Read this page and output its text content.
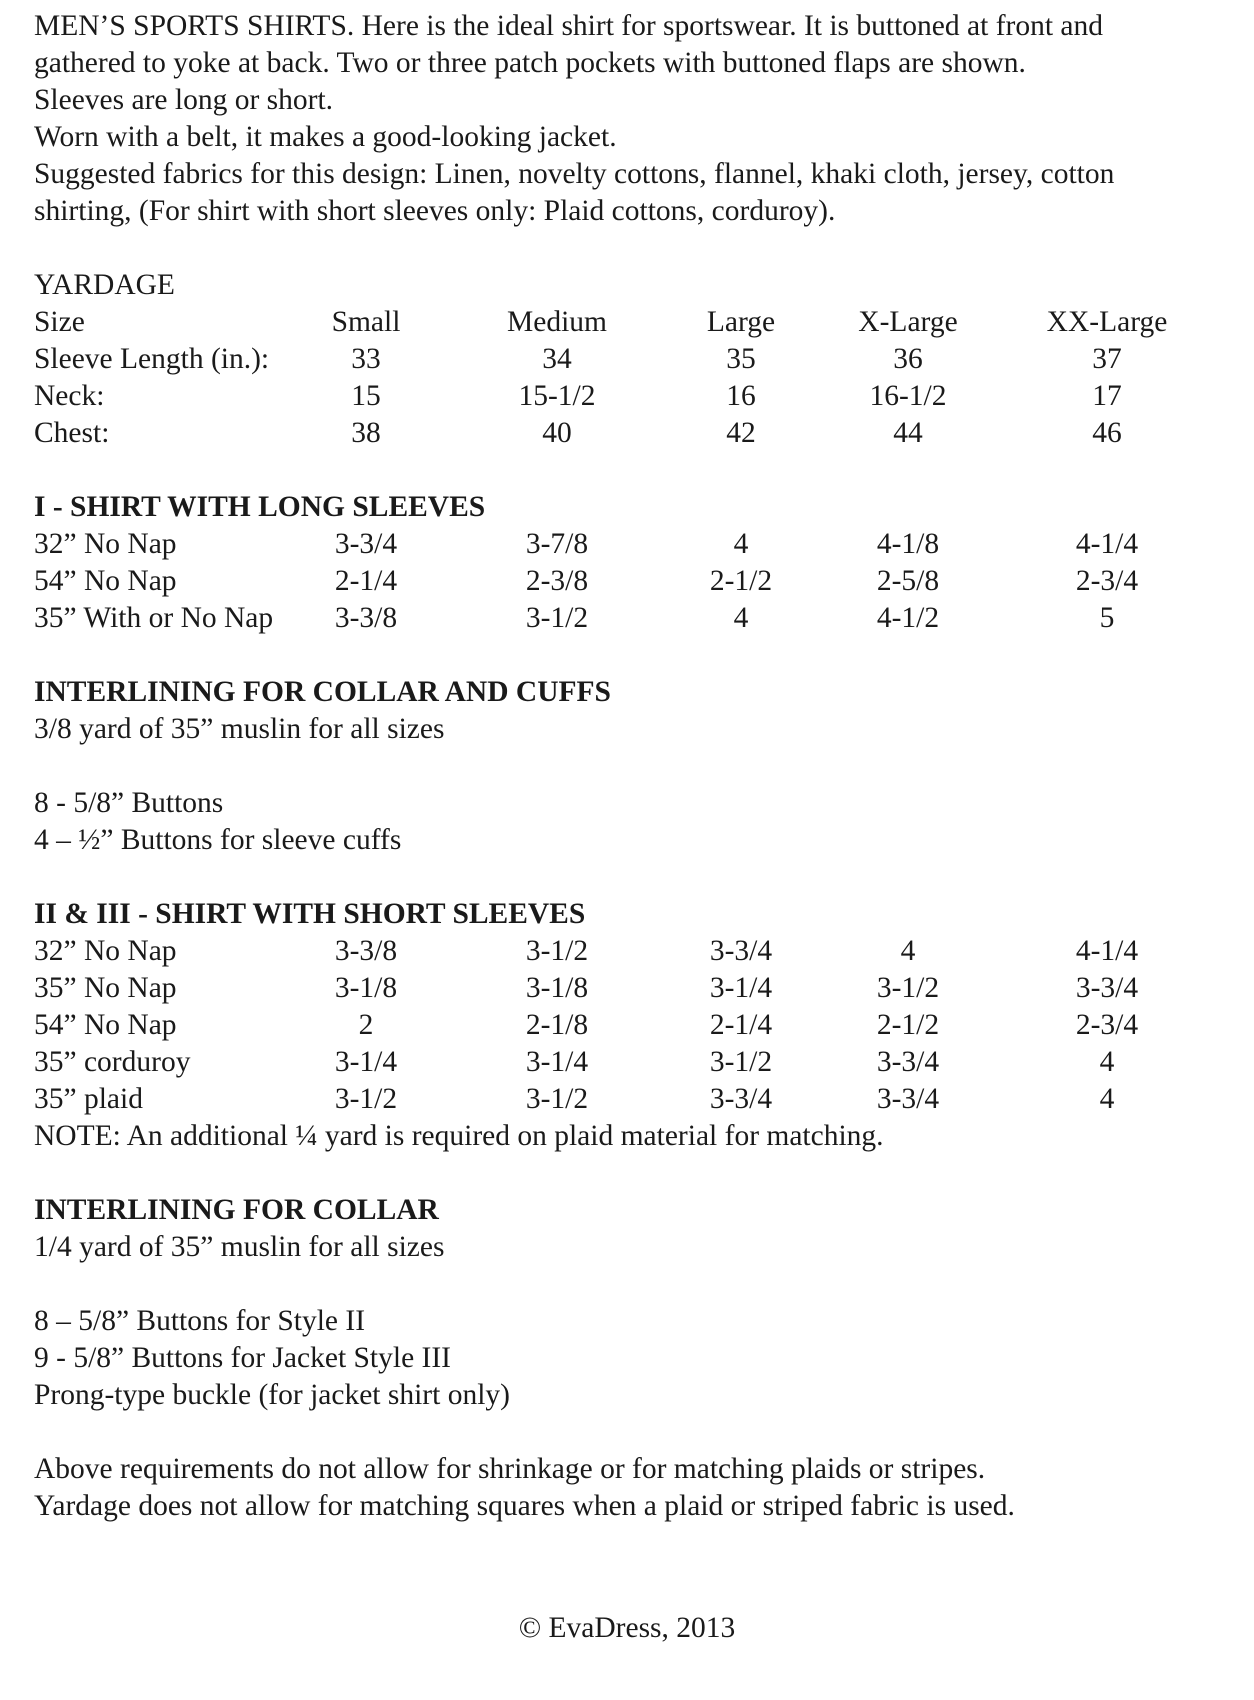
MEN’S SPORTS SHIRTS. Here is the ideal shirt for sportswear. It is buttoned at front and
gathered to yoke at back. Two or three patch pockets with buttoned flaps are shown.
Sleeves are long or short.
Worn with a belt, it makes a good-looking jacket.
Suggested fabrics for this design: Linen, novelty cottons, flannel, khaki cloth, jersey, cotton
shirting, (For shirt with short sleeves only: Plaid cottons, corduroy).

YARDAGE
Size	Small	Medium	Large	X-Large	XX-Large
Sleeve Length (in.):	33	34	35	36	37
Neck:	15	15-1/2	16	16-1/2	17
Chest:	38	40	42	44	46
I - SHIRT WITH LONG SLEEVES
32” No Nap	3-3/4	3-7/8	4	4-1/8	4-1/4
54” No Nap	2-1/4	2-3/8	2-1/2	2-5/8	2-3/4
35” With or No Nap 3-3/8	3-1/2	4	4-1/2	5
INTERLINING FOR COLLAR AND CUFFS
3/8 yard of 35” muslin for all sizes
8 - 5/8” Buttons
4 – ½” Buttons for sleeve cuffs
II & III - SHIRT WITH SHORT SLEEVES
32” No Nap	3-3/8	3-1/2	3-3/4	4	4-1/4
35” No Nap	3-1/8	3-1/8	3-1/4	3-1/2	3-3/4
54” No Nap	2	2-1/8	2-1/4	2-1/2	2-3/4
35” corduroy	3-1/4	3-1/4	3-1/2	3-3/4	4
35” plaid	3-1/2	3-1/2	3-3/4	3-3/4	4
NOTE: An additional ¼ yard is required on plaid material for matching.
INTERLINING FOR COLLAR
1/4 yard of 35” muslin for all sizes
8 – 5/8” Buttons for Style II
9 - 5/8” Buttons for Jacket Style III
Prong-type buckle (for jacket shirt only)
Above requirements do not allow for shrinkage or for matching plaids or stripes.
Yardage does not allow for matching squares when a plaid or striped fabric is used.
© EvaDress, 2013
